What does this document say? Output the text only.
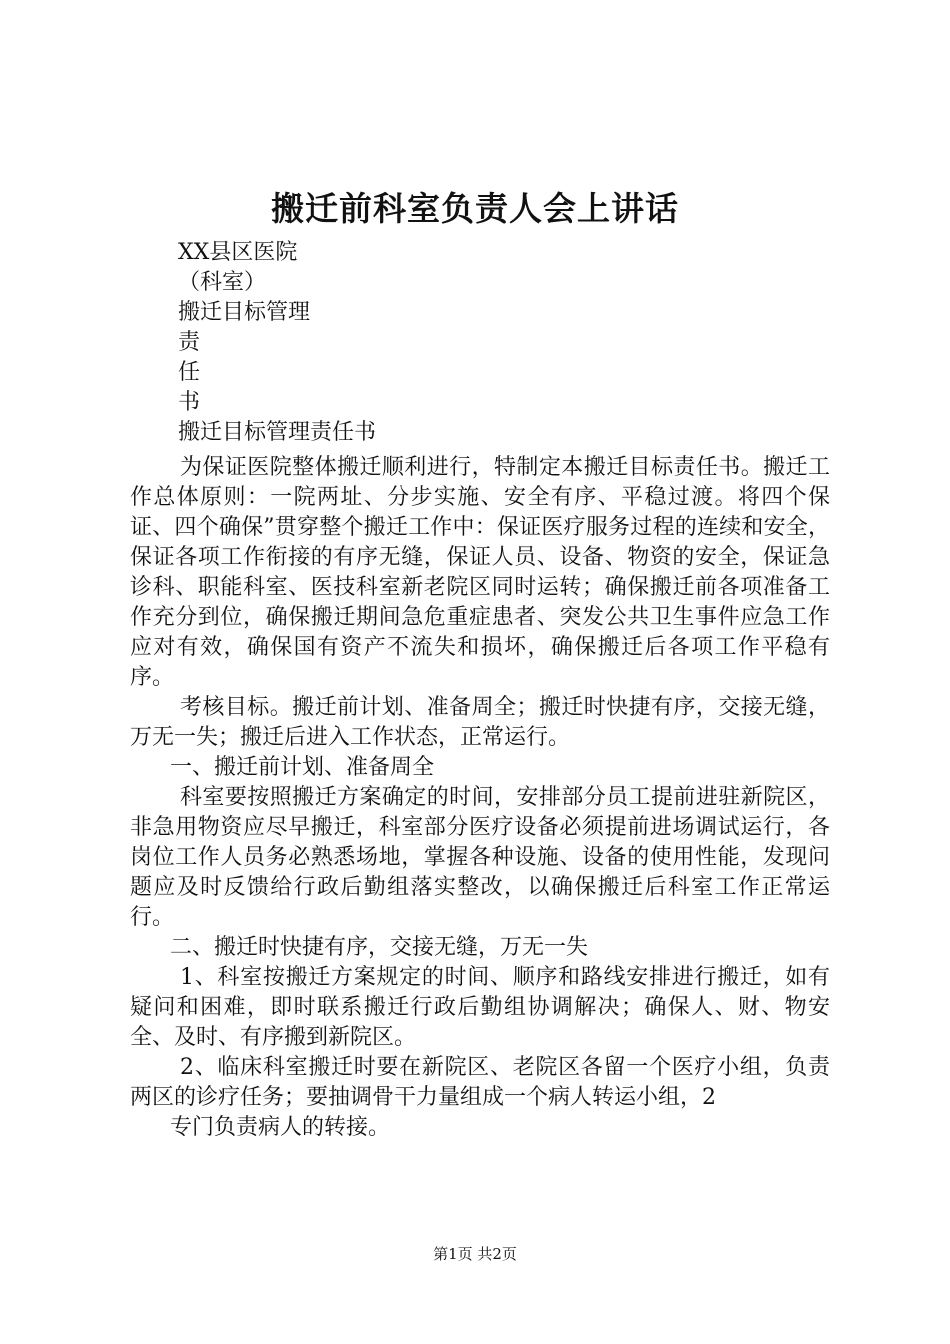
搬迁前科室负责人会上讲话
XX县区医院
（科室）
搬迁目标管理
责
任
书
搬迁目标管理责任书

为保证医院整体搬迁顺利进行，特制定本搬迁目标责任书。搬迁工作总体原则：一院两址、分步实施、安全有序、平稳过渡。将四个保证、四个确保”贯穿整个搬迁工作中：保证医疗服务过程的连续和安全，保证各项工作衔接的有序无缝，保证人员、设备、物资的安全，保证急诊科、职能科室、医技科室新老院区同时运转；确保搬迁前各项准备工作充分到位，确保搬迁期间急危重症患者、突发公共卫生事件应急工作应对有效，确保国有资产不流失和损坏，确保搬迁后各项工作平稳有序。

考核目标。搬迁前计划、准备周全；搬迁时快捷有序，交接无缝，万无一失；搬迁后进入工作状态，正常运行。

一、搬迁前计划、准备周全

科室要按照搬迁方案确定的时间，安排部分员工提前进驻新院区，非急用物资应尽早搬迁，科室部分医疗设备必须提前进场调试运行，各岗位工作人员务必熟悉场地，掌握各种设施、设备的使用性能，发现问题应及时反馈给行政后勤组落实整改，以确保搬迁后科室工作正常运行。

二、搬迁时快捷有序，交接无缝，万无一失

1、科室按搬迁方案规定的时间、顺序和路线安排进行搬迁，如有疑问和困难，即时联系搬迁行政后勤组协调解决；确保人、财、物安全、及时、有序搬到新院区。

2、临床科室搬迁时要在新院区、老院区各留一个医疗小组，负责两区的诊疗任务；要抽调骨干力量组成一个病人转运小组，2

专门负责病人的转接。
第1页 共2页
